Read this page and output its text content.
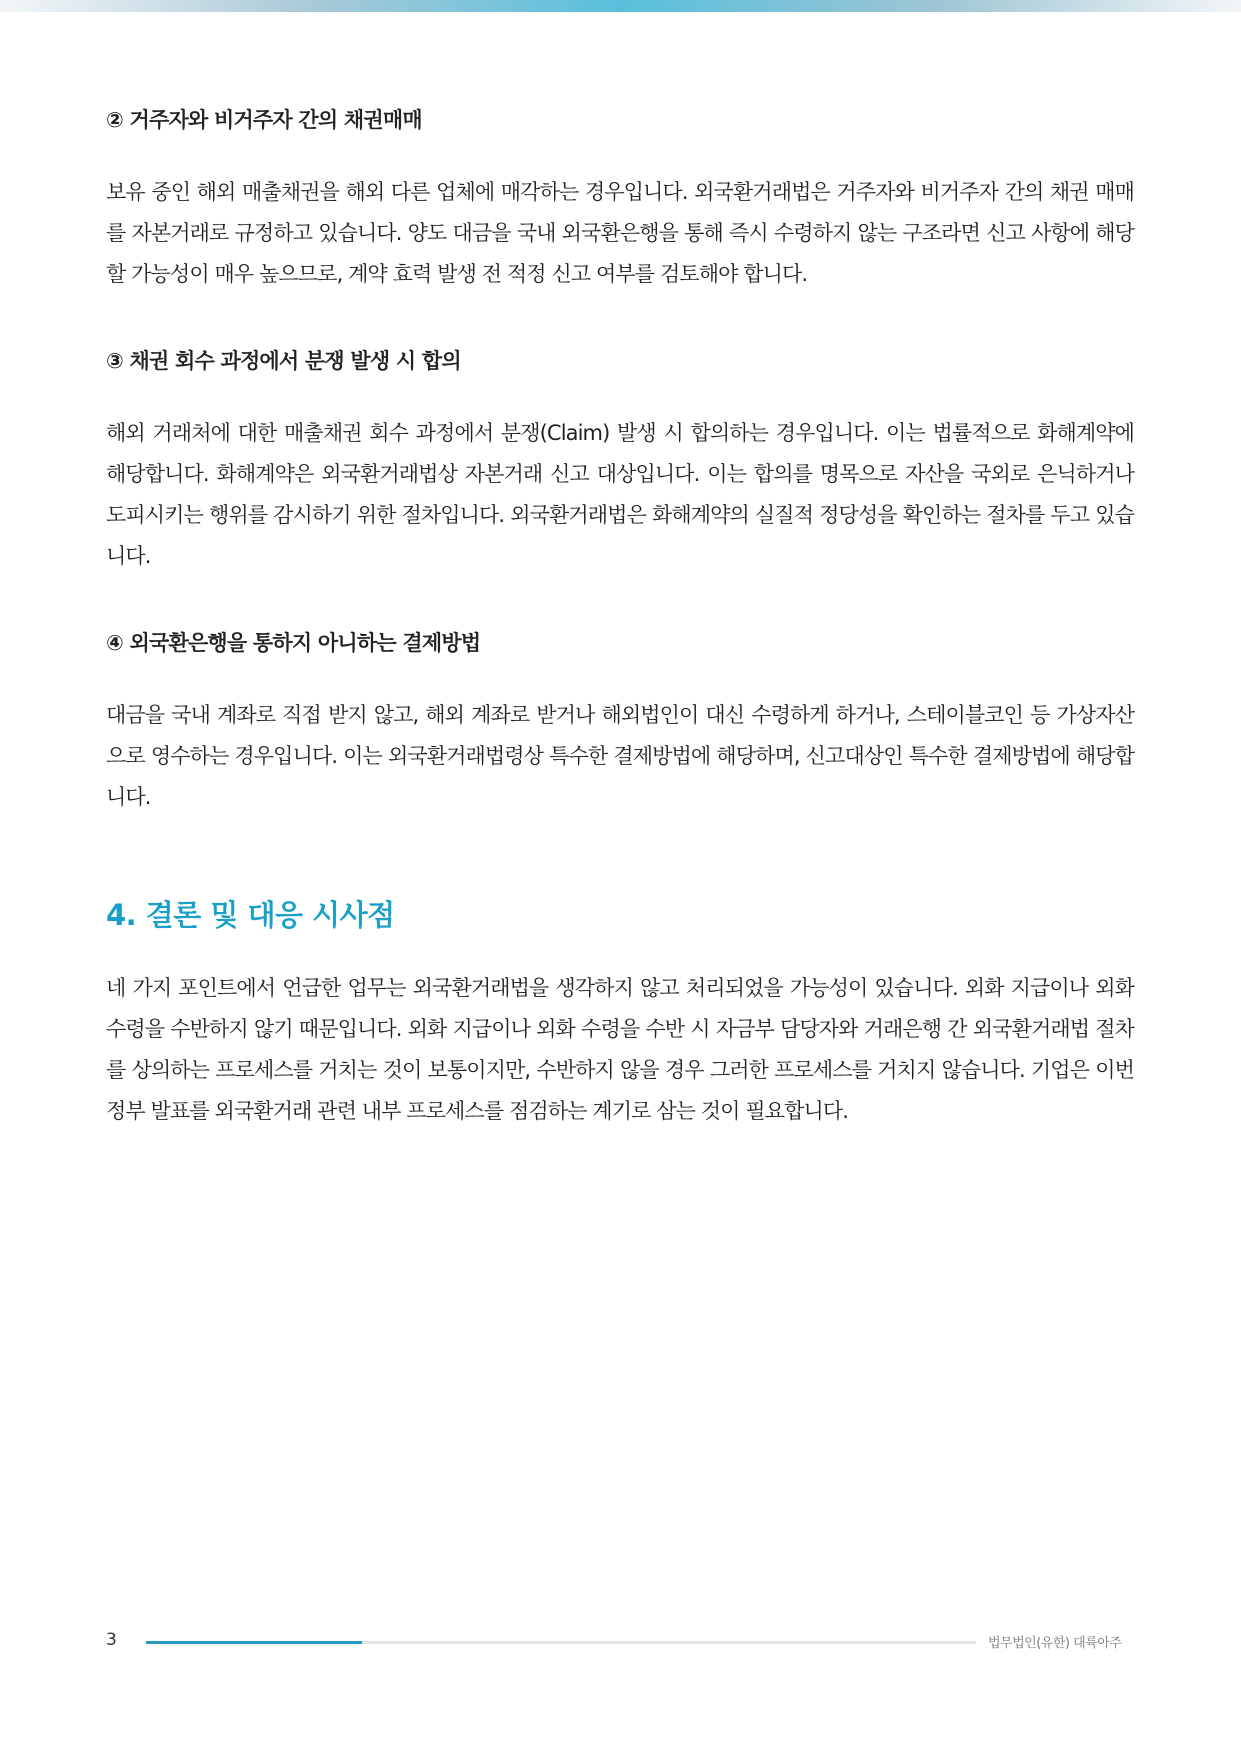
② 거주자와 비거주자 간의 채권매매

보유 중인 해외 매출채권을 해외 다른 업체에 매각하는 경우입니다. 외국환거래법은 거주자와 비거주자 간의 채권 매매를 자본거래로 규정하고 있습니다. 양도 대금을 국내 외국환은행을 통해 즉시 수령하지 않는 구조라면 신고 사항에 해당할 가능성이 매우 높으므로, 계약 효력 발생 전 적정 신고 여부를 검토해야 합니다.

③ 채권 회수 과정에서 분쟁 발생 시 합의

해외 거래처에 대한 매출채권 회수 과정에서 분쟁(Claim) 발생 시 합의하는 경우입니다. 이는 법률적으로 화해계약에 해당합니다. 화해계약은 외국환거래법상 자본거래 신고 대상입니다. 이는 합의를 명목으로 자산을 국외로 은닉하거나 도피시키는 행위를 감시하기 위한 절차입니다. 외국환거래법은 화해계약의 실질적 정당성을 확인하는 절차를 두고 있습니다.

④ 외국환은행을 통하지 아니하는 결제방법

대금을 국내 계좌로 직접 받지 않고, 해외 계좌로 받거나 해외법인이 대신 수령하게 하거나, 스테이블코인 등 가상자산으로 영수하는 경우입니다. 이는 외국환거래법령상 특수한 결제방법에 해당하며, 신고대상인 특수한 결제방법에 해당합니다.

4. 결론 및 대응 시사점

네 가지 포인트에서 언급한 업무는 외국환거래법을 생각하지 않고 처리되었을 가능성이 있습니다. 외화 지급이나 외화 수령을 수반하지 않기 때문입니다. 외화 지급이나 외화 수령을 수반 시 자금부 담당자와 거래은행 간 외국환거래법 절차를 상의하는 프로세스를 거치는 것이 보통이지만, 수반하지 않을 경우 그러한 프로세스를 거치지 않습니다. 기업은 이번 정부 발표를 외국환거래 관련 내부 프로세스를 점검하는 계기로 삼는 것이 필요합니다.

3	법무법인(유한) 대륙아주
